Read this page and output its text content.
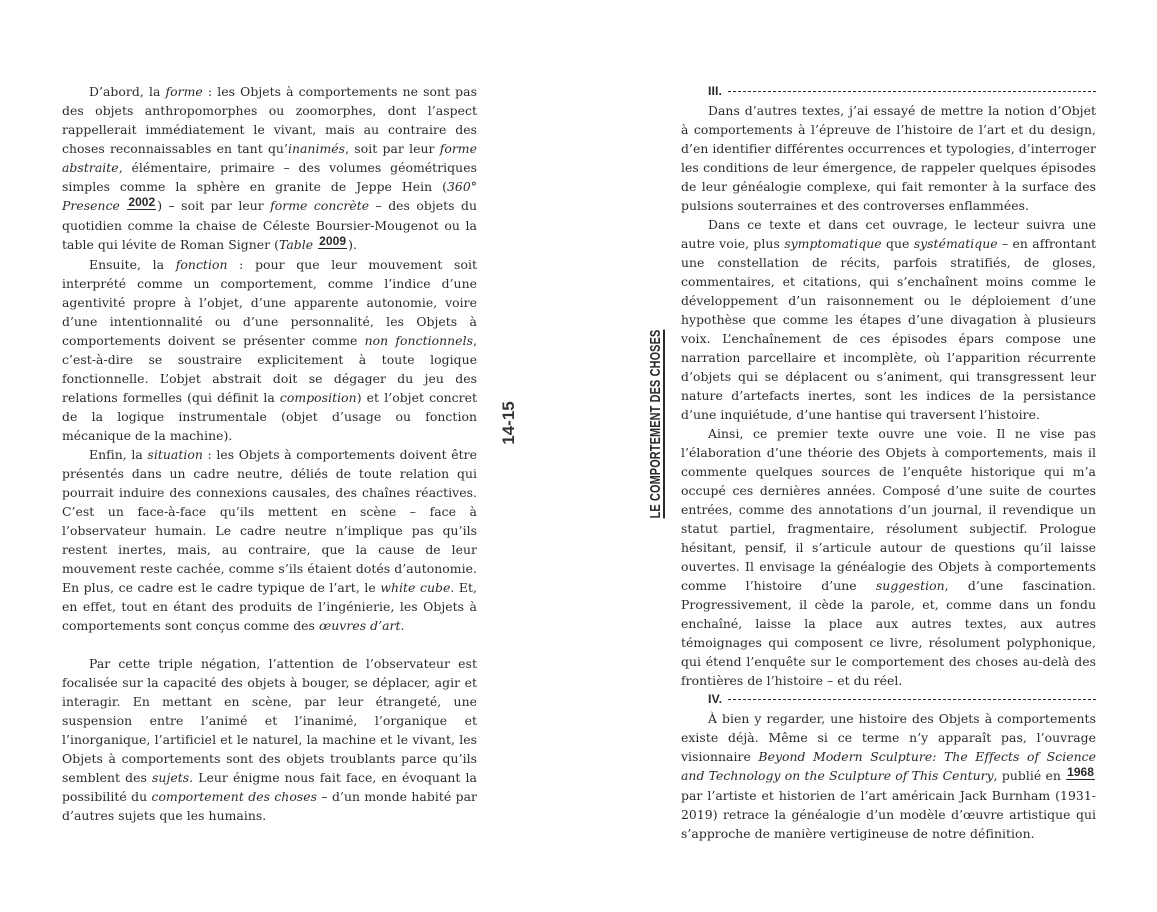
D’abord, la forme : les Objets à comportements ne sont pas des objets anthropomorphes ou zoomorphes, dont l’aspect rappellerait immédiatement le vivant, mais au contraire des choses reconnaissables en tant qu’inanimés, soit par leur forme abstraite, élémentaire, primaire – des volumes géométriques simples comme la sphère en granite de Jeppe Hein (360° Presence 2002 ) – soit par leur forme concrète – des objets du quotidien comme la chaise de Céleste Boursier-Mougenot ou la table qui lévite de Roman Signer (Table 2009 ).

Ensuite, la fonction : pour que leur mouvement soit interprété comme un comportement, comme l’indice d’une agentivité propre à l’objet, d’une apparente autonomie, voire d’une intentionnalité ou d’une personnalité, les Objets à comportements doivent se présenter comme non fonctionnels, c’est-à-dire se soustraire explicitement à toute logique fonctionnelle. L’objet abstrait doit se dégager du jeu des relations formelles (qui définit la composition) et l’objet concret de la logique instrumentale (objet d’usage ou fonction mécanique de la machine).

Enfin, la situation : les Objets à comportements doivent être présentés dans un cadre neutre, déliés de toute relation qui pourrait induire des connexions causales, des chaînes réactives. C’est un face-à-face qu’ils mettent en scène – face à l’observateur humain. Le cadre neutre n’implique pas qu’ils restent inertes, mais, au contraire, que la cause de leur mouvement reste cachée, comme s’ils étaient dotés d’autonomie. En plus, ce cadre est le cadre typique de l’art, le white cube. Et, en effet, tout en étant des produits de l’ingénierie, les Objets à comportements sont conçus comme des œuvres d’art.

Par cette triple négation, l’attention de l’observateur est focalisée sur la capacité des objets à bouger, se déplacer, agir et interagir. En mettant en scène, par leur étrangeté, une suspension entre l’animé et l’inanimé, l’organique et l’inorganique, l’artificiel et le naturel, la machine et le vivant, les Objets à comportements sont des objets troublants parce qu’ils semblent des sujets. Leur énigme nous fait face, en évoquant la possibilité du comportement des choses – d’un monde habité par d’autres sujets que les humains.

14-15	LE COMPORTEMENT DES CHOSES
III.

Dans d’autres textes, j’ai essayé de mettre la notion d’Objet à comportements à l’épreuve de l’histoire de l’art et du design, d’en identifier différentes occurrences et typologies, d’interroger les conditions de leur émergence, de rappeler quelques épisodes de leur généalogie complexe, qui fait remonter à la surface des pulsions souterraines et des controverses enflammées.

Dans ce texte et dans cet ouvrage, le lecteur suivra une autre voie, plus symptomatique que systématique – en affrontant une constellation de récits, parfois stratifiés, de gloses, commentaires, et citations, qui s’enchaînent moins comme le développement d’un raisonnement ou le déploiement d’une hypothèse que comme les étapes d’une divagation à plusieurs voix. L’enchaînement de ces épisodes épars compose une narration parcellaire et incomplète, où l’apparition récurrente d’objets qui se déplacent ou s’animent, qui transgressent leur nature d’artefacts inertes, sont les indices de la persistance d’une inquiétude, d’une hantise qui traversent l’histoire.

Ainsi, ce premier texte ouvre une voie. Il ne vise pas l’élaboration d’une théorie des Objets à comportements, mais il commente quelques sources de l’enquête historique qui m’a occupé ces dernières années. Composé d’une suite de courtes entrées, comme des annotations d’un journal, il revendique un statut partiel, fragmentaire, résolument subjectif. Prologue hésitant, pensif, il s’articule autour de questions qu’il laisse ouvertes. Il envisage la généalogie des Objets à comportements comme l’histoire d’une suggestion, d’une fascination. Progressivement, il cède la parole, et, comme dans un fondu enchaîné, laisse la place aux autres textes, aux autres témoignages qui composent ce livre, résolument polyphonique, qui étend l’enquête sur le comportement des choses au-delà des frontières de l’histoire – et du réel.

IV.

À bien y regarder, une histoire des Objets à comportements existe déjà. Même si ce terme n’y apparaît pas, l’ouvrage visionnaire Beyond Modern Sculpture: The Effects of Science and Technology on the Sculpture of This Century, publié en 1968 par l’artiste et historien de l’art américain Jack Burnham (1931-2019) retrace la généalogie d’un modèle d’œuvre artistique qui s’approche de manière vertigineuse de notre définition.
